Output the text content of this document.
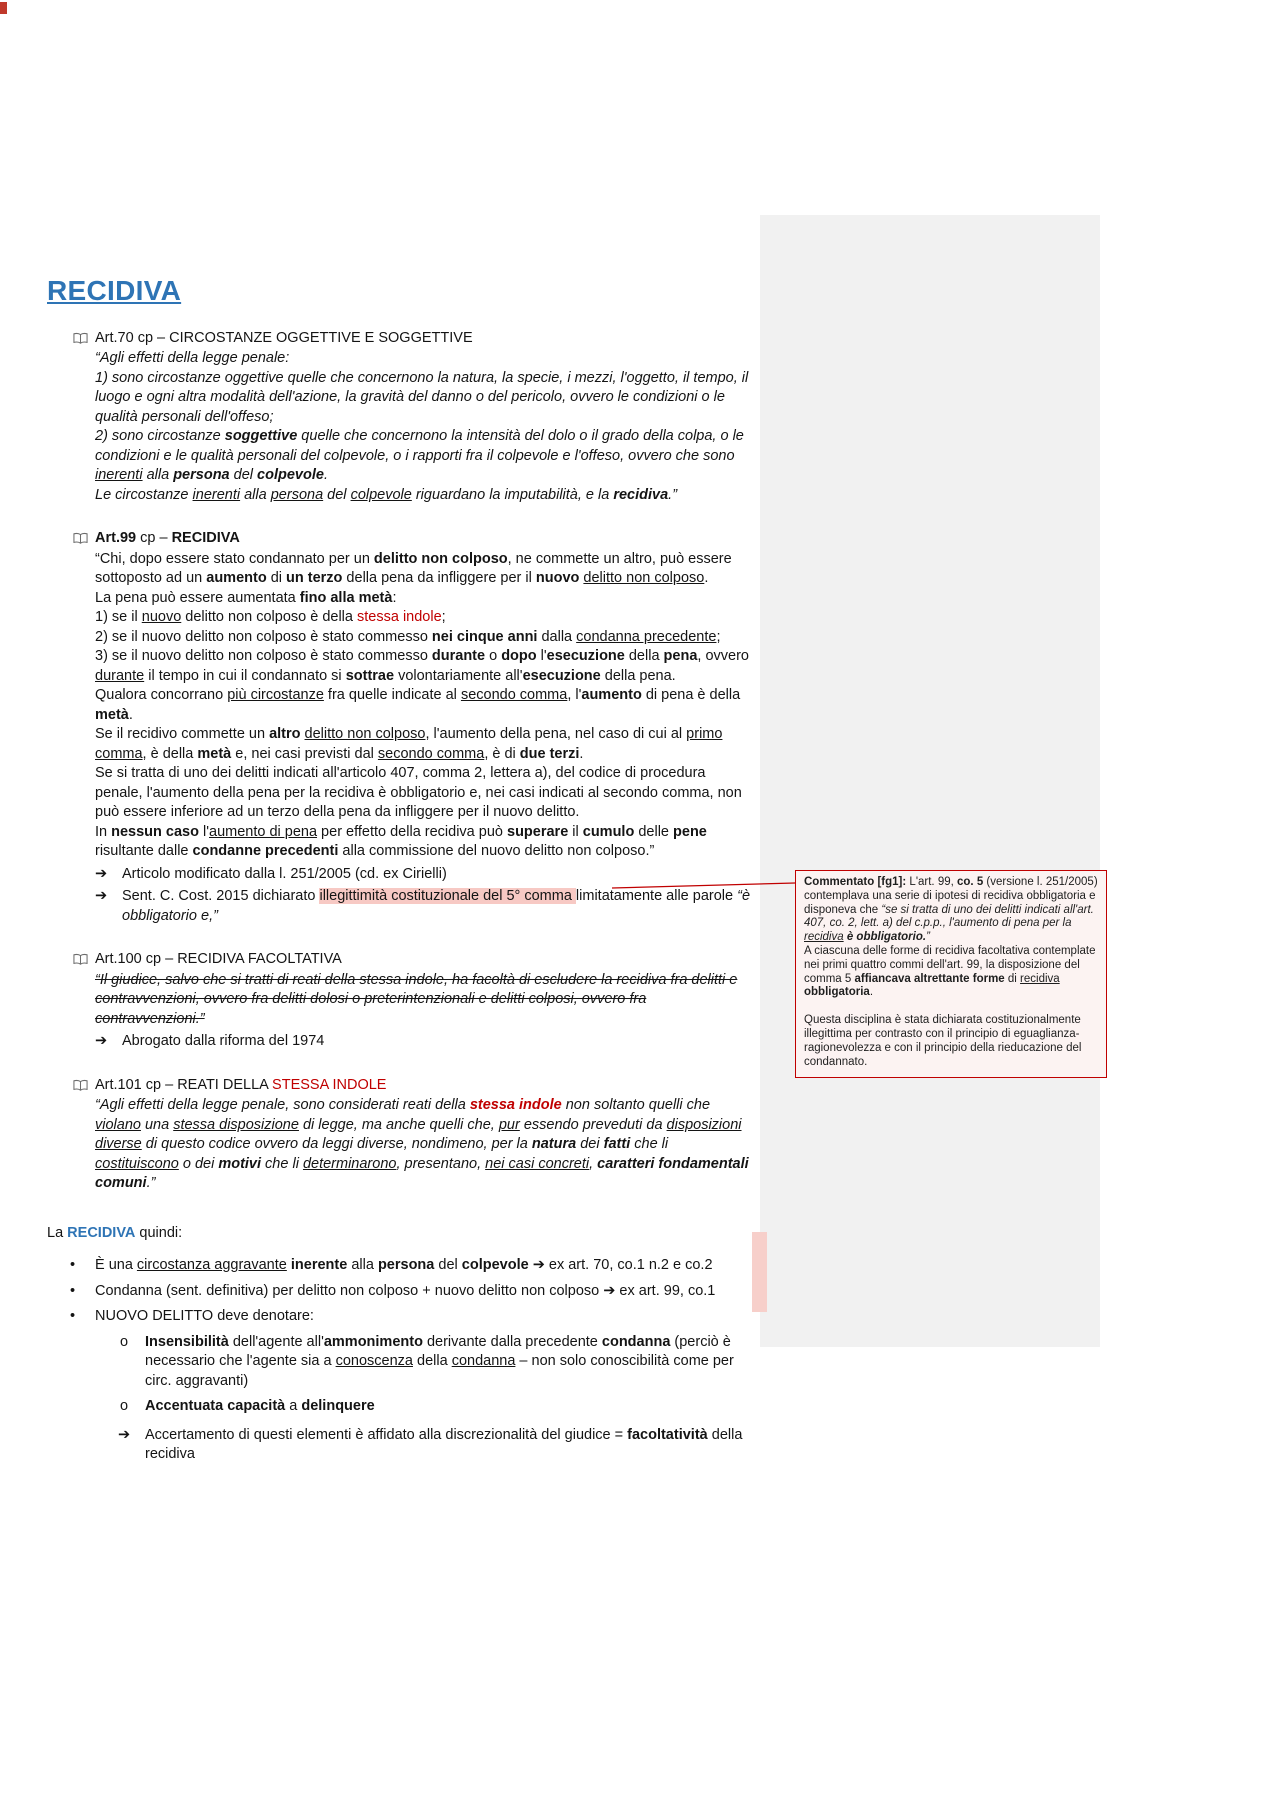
RECIDIVA
Art.70 cp – CIRCOSTANZE OGGETTIVE E SOGGETTIVE
“Agli effetti della legge penale:
1) sono circostanze oggettive quelle che concernono la natura, la specie, i mezzi, l'oggetto, il tempo, il luogo e ogni altra modalità dell'azione, la gravità del danno o del pericolo, ovvero le condizioni o le qualità personali dell'offeso;
2) sono circostanze soggettive quelle che concernono la intensità del dolo o il grado della colpa, o le condizioni e le qualità personali del colpevole, o i rapporti fra il colpevole e l'offeso, ovvero che sono inerenti alla persona del colpevole.
Le circostanze inerenti alla persona del colpevole riguardano la imputabilità, e la recidiva.”
Art.99 cp – RECIDIVA
“Chi, dopo essere stato condannato per un delitto non colposo, ne commette un altro, può essere sottoposto ad un aumento di un terzo della pena da infliggere per il nuovo delitto non colposo.
La pena può essere aumentata fino alla metà:
1) se il nuovo delitto non colposo è della stessa indole;
2) se il nuovo delitto non colposo è stato commesso nei cinque anni dalla condanna precedente;
3) se il nuovo delitto non colposo è stato commesso durante o dopo l'esecuzione della pena, ovvero durante il tempo in cui il condannato si sottrae volontariamente all'esecuzione della pena.
Qualora concorrano più circostanze fra quelle indicate al secondo comma, l'aumento di pena è della metà.
Se il recidivo commette un altro delitto non colposo, l'aumento della pena, nel caso di cui al primo comma, è della metà e, nei casi previsti dal secondo comma, è di due terzi.
Se si tratta di uno dei delitti indicati all'articolo 407, comma 2, lettera a), del codice di procedura penale, l'aumento della pena per la recidiva è obbligatorio e, nei casi indicati al secondo comma, non può essere inferiore ad un terzo della pena da infliggere per il nuovo delitto.
In nessun caso l'aumento di pena per effetto della recidiva può superare il cumulo delle pene risultante dalle condanne precedenti alla commissione del nuovo delitto non colposo.”
➔	Articolo modificato dalla l. 251/2005 (cd. ex Cirielli)
➔	Sent. C. Cost. 2015 dichiarato illegittimità costituzionale del 5° comma limitatamente alle parole “è obbligatorio e,”
Art.100 cp – RECIDIVA FACOLTATIVA
“Il giudice, salvo che si tratti di reati della stessa indole, ha facoltà di escludere la recidiva fra delitti e contravvenzioni, ovvero fra delitti dolosi o preterintenzionali e delitti colposi, ovvero fra contravvenzioni.”
➔	Abrogato dalla riforma del 1974
Art.101 cp – REATI DELLA STESSA INDOLE
“Agli effetti della legge penale, sono considerati reati della stessa indole non soltanto quelli che violano una stessa disposizione di legge, ma anche quelli che, pur essendo preveduti da disposizioni diverse di questo codice ovvero da leggi diverse, nondimeno, per la natura dei fatti che li costituiscono o dei motivi che li determinarono, presentano, nei casi concreti, caratteri fondamentali comuni.”
La RECIDIVA quindi:
•	È una circostanza aggravante inerente alla persona del colpevole ➔ ex art. 70, co.1 n.2 e co.2
•	Condanna (sent. definitiva) per delitto non colposo + nuovo delitto non colposo ➔ ex art. 99, co.1
•	NUOVO DELITTO deve denotare:
o	Insensibilità dell'agente all'ammonimento derivante dalla precedente condanna (perciò è necessario che l'agente sia a conoscenza della condanna – non solo conoscibilità come per circ. aggravanti)
o	Accentuata capacità a delinquere
➔	Accertamento di questi elementi è affidato alla discrezionalità del giudice = facoltatività della recidiva
Commentato [fg1]: L'art. 99, co. 5 (versione l. 251/2005) contemplava una serie di ipotesi di recidiva obbligatoria e disponeva che “se si tratta di uno dei delitti indicati all'art. 407, co. 2, lett. a) del c.p.p., l'aumento di pena per la recidiva è obbligatorio.”
A ciascuna delle forme di recidiva facoltativa contemplate nei primi quattro commi dell'art. 99, la disposizione del comma 5 affiancava altrettante forme di recidiva obbligatoria.
Questa disciplina è stata dichiarata costituzionalmente illegittima per contrasto con il principio di eguaglianza-ragionevolezza e con il principio della rieducazione del condannato.
